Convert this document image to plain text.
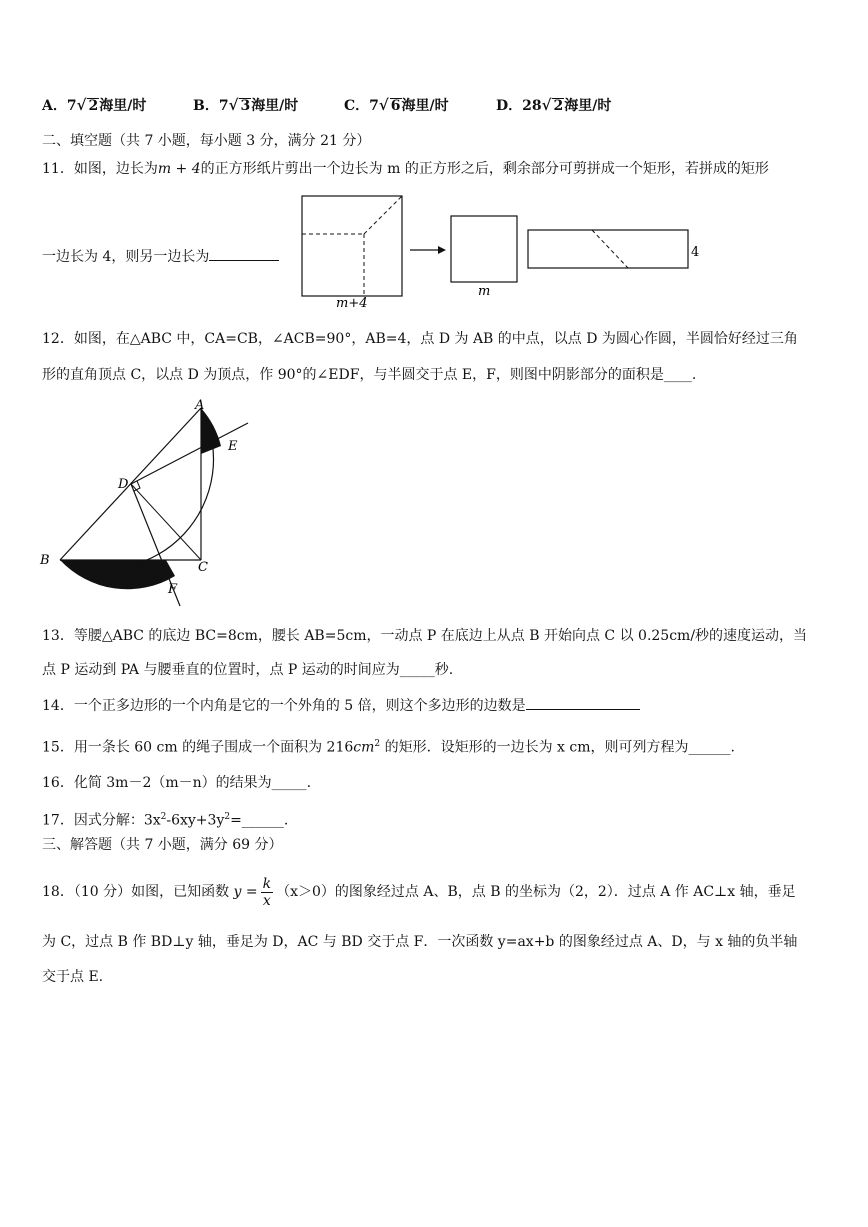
A．7√ 2海里/时	B．7√ 3海里/时	C．7√ 6海里/时	D．28√ 2海里/时
二、填空题（共 7 小题，每小题 3 分，满分 21 分）
11．如图，边长为m + 4的正方形纸片剪出一个边长为 m 的正方形之后，剩余部分可剪拼成一个矩形，若拼成的矩形
一边长为 4，则另一边长为
m+4
m
4
12．如图，在△ABC 中，CA=CB，∠ACB=90°，AB=4，点 D 为 AB 的中点，以点 D 为圆心作圆，半圆恰好经过三角
形的直角顶点 C，以点 D 为顶点，作 90°的∠EDF，与半圆交于点 E，F，则图中阴影部分的面积是____.
A
E
D
B	C
F
13．等腰△ABC 的底边 BC=8cm，腰长 AB=5cm，一动点 P 在底边上从点 B 开始向点 C 以 0.25cm/秒的速度运动，当
点 P 运动到 PA 与腰垂直的位置时，点 P 运动的时间应为_____秒.
14．一个正多边形的一个内角是它的一个外角的 5 倍，则这个多边形的边数是
15．用一条长 60 cm 的绳子围成一个面积为 $216cm^2$ 的矩形．设矩形的一边长为 x cm，则可列方程为______.
16．化简 3m－2（m－n）的结果为_____.
17．因式分解：$3x^2-6xy+3y^2=\_\_\_\_\_\_$.
三、解答题（共 7 小题，满分 69 分）
18．（10 分）如图，已知函数 $y = \frac{k}{x} (x>0)$的图象经过点 A、B，点 B 的坐标为（2，2）．过点 A 作 AC⊥x 轴，垂足
为 C，过点 B 作 BD⊥y 轴，垂足为 D，AC 与 BD 交于点 F．一次函数 y=ax+b 的图象经过点 A、D，与 x 轴的负半轴
交于点 E.
